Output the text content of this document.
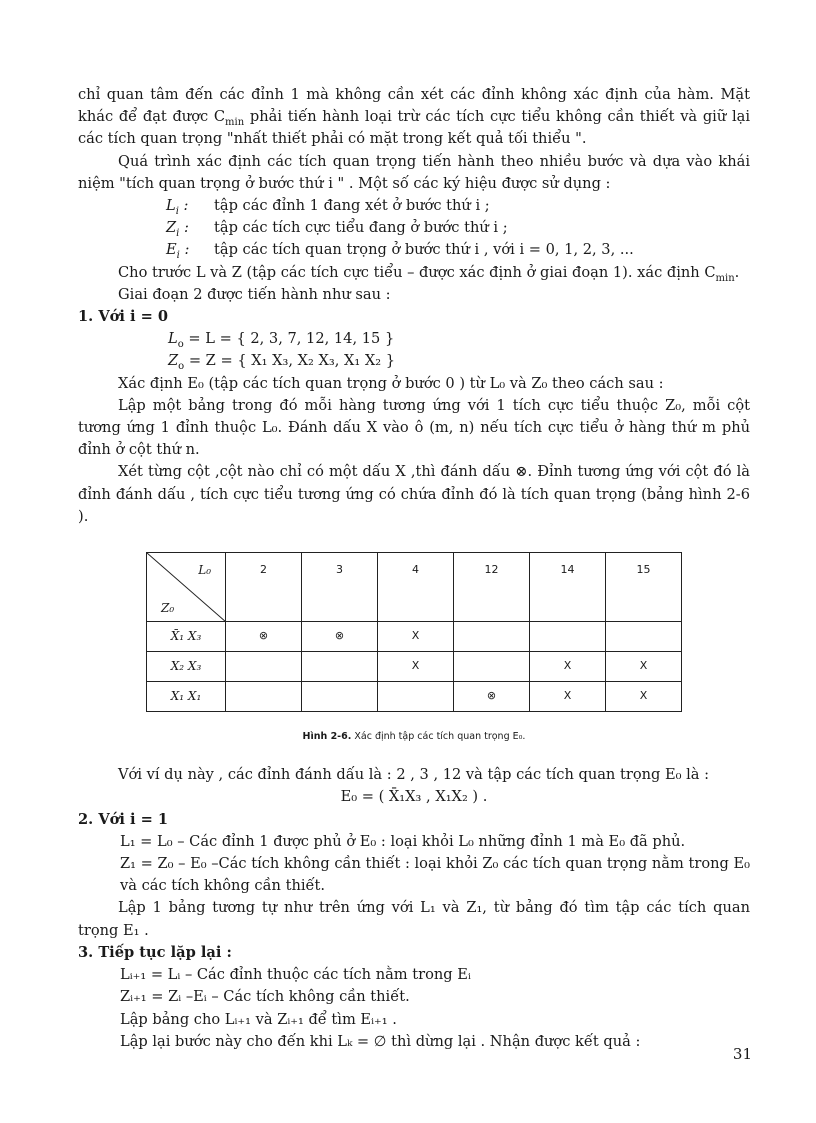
chỉ quan tâm đến các đỉnh 1 mà không cần xét các đỉnh không xác định của hàm. Mặt khác để đạt được $C_{min}$ phải tiến hành loại trừ các tích cực tiểu không cần thiết và giữ lại các tích quan trọng "nhất thiết phải có mặt trong kết quả tối thiểu ".

Quá trình xác định các tích quan trọng tiến hành theo nhiều bước và dựa vào khái niệm "tích quan trọng ở bước thứ i " . Một số các ký hiệu được sử dụng :

$L_i$ :	tập các đỉnh 1 đang xét ở bước thứ i ;
$Z_i$ :	tập các tích cực tiểu đang ở bước thứ i ;
$E_i$ :	tập các tích quan trọng ở bước thứ i , với i = 0, 1, 2, 3, ...

Cho trước L và Z (tập các tích cực tiểu – được xác định ở giai đoạn 1). xác định $C_{min}$.

Giai đoạn 2 được tiến hành như sau :

1. Với i = 0

$L_o = L$ = { 2, 3, 7, 12, 14, 15 }

$Z_o = Z$ = { X₁ X₃, X₂ X₃, X₁ X₂ }

Xác định E₀ (tập các tích quan trọng ở bước 0 ) từ L₀ và Z₀ theo cách sau :

Lập một bảng trong đó mỗi hàng tương ứng với 1 tích cực tiểu thuộc Z₀, mỗi cột tương ứng 1 đỉnh thuộc L₀. Đánh dấu X vào ô (m, n) nếu tích cực tiểu ở hàng thứ m phủ đỉnh ở cột thứ n.

Xét từng cột ,cột nào chỉ có một dấu X ,thì đánh dấu ⊗. Đỉnh tương ứng với cột đó là đỉnh đánh dấu , tích cực tiểu tương ứng có chứa đỉnh đó là tích quan trọng (bảng hình 2-6 ).

L₀
Z₀	2	3	4	12	14	15
X̄₁ X₃	⊗	⊗	X			
X₂ X₃			X		X	X
X₁ X₁				⊗	X	X

Hình 2-6. Xác định tập các tích quan trọng E₀.

Với ví dụ này , các đỉnh đánh dấu là : 2 , 3 , 12 và tập các tích quan trọng E₀ là :

E₀ = ( X̄₁X₃ , X₁X₂ ) .

2. Với i = 1

L₁ = L₀ – Các đỉnh 1 được phủ ở E₀ : loại khỏi L₀ những đỉnh 1 mà E₀ đã phủ.

Z₁ = Z₀ – E₀ –Các tích không cần thiết : loại khỏi Z₀ các tích quan trọng nằm trong E₀ và các tích không cần thiết.

Lập 1 bảng tương tự như trên ứng với L₁ và Z₁, từ bảng đó tìm tập các tích quan trọng E₁ .

3. Tiếp tục lặp lại :

Lᵢ₊₁ = Lᵢ – Các đỉnh thuộc các tích nằm trong Eᵢ

Zᵢ₊₁ = Zᵢ –Eᵢ – Các tích không cần thiết.

Lập bảng cho Lᵢ₊₁ và Zᵢ₊₁ để tìm Eᵢ₊₁ .

Lập lại bước này cho đến khi Lₖ = ∅ thì dừng lại . Nhận được kết quả :

31
